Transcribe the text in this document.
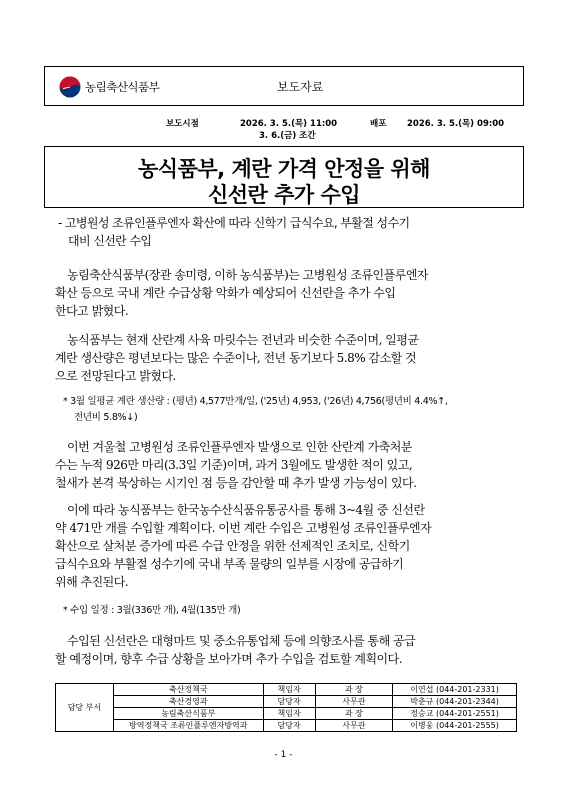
농림축산식품부	보도자료
보도시점	2026. 3. 5.(목) 11:00
3. 6.(금) 조간
배포 2026. 3. 5.(목) 09:00
농식품부, 계란 가격 안정을 위해
신선란 추가 수입
- 고병원성 조류인플루엔자 확산에 따라 신학기 급식수요, 부활절 성수기
대비 신선란 수입
농림축산식품부(장관 송미령, 이하 농식품부)는 고병원성 조류인플루엔자
확산 등으로 국내 계란 수급상황 악화가 예상되어 신선란을 추가 수입
한다고 밝혔다.
농식품부는 현재 산란계 사육 마릿수는 전년과 비슷한 수준이며, 일평균
계란 생산량은 평년보다는 많은 수준이나, 전년 동기보다 5.8% 감소할 것
으로 전망된다고 밝혔다.
* 3월 일평균 계란 생산량 : (평년) 4,577만개/일, ('25년) 4,953, ('26년) 4,756(평년비 4.4%↑,
전년비 5.8%↓)
이번 겨울철 고병원성 조류인플루엔자 발생으로 인한 산란계 가축처분
수는 누적 926만 마리(3.3일 기준)이며, 과거 3월에도 발생한 적이 있고,
철새가 본격 북상하는 시기인 점 등을 감안할 때 추가 발생 가능성이 있다.
이에 따라 농식품부는 한국농수산식품유통공사를 통해 3~4월 중 신선란
약 471만 개를 수입할 계획이다. 이번 계란 수입은 고병원성 조류인플루엔자
확산으로 살처분 증가에 따른 수급 안정을 위한 선제적인 조치로, 신학기
급식수요와 부활절 성수기에 국내 부족 물량의 일부를 시장에 공급하기
위해 추진된다.
* 수입 일정 : 3월(336만 개), 4월(135만 개)
수입된 신선란은 대형마트 및 중소유통업체 등에 의향조사를 통해 공급
할 예정이며, 향후 수급 상황을 보아가며 추가 수입을 검토할 계획이다.
담당 부서	축산정책국	책임자	과 장	이연섭 (044-201-2331)
	축산경영과	담당자	사무관	박춘규 (044-201-2344)
	농림축산식품부	책임자	과 장	정승교 (044-201-2551)
	방역정책국 조류인플루엔자방역과	담당자	사무관	이병웅 (044-201-2555)
- 1 -
